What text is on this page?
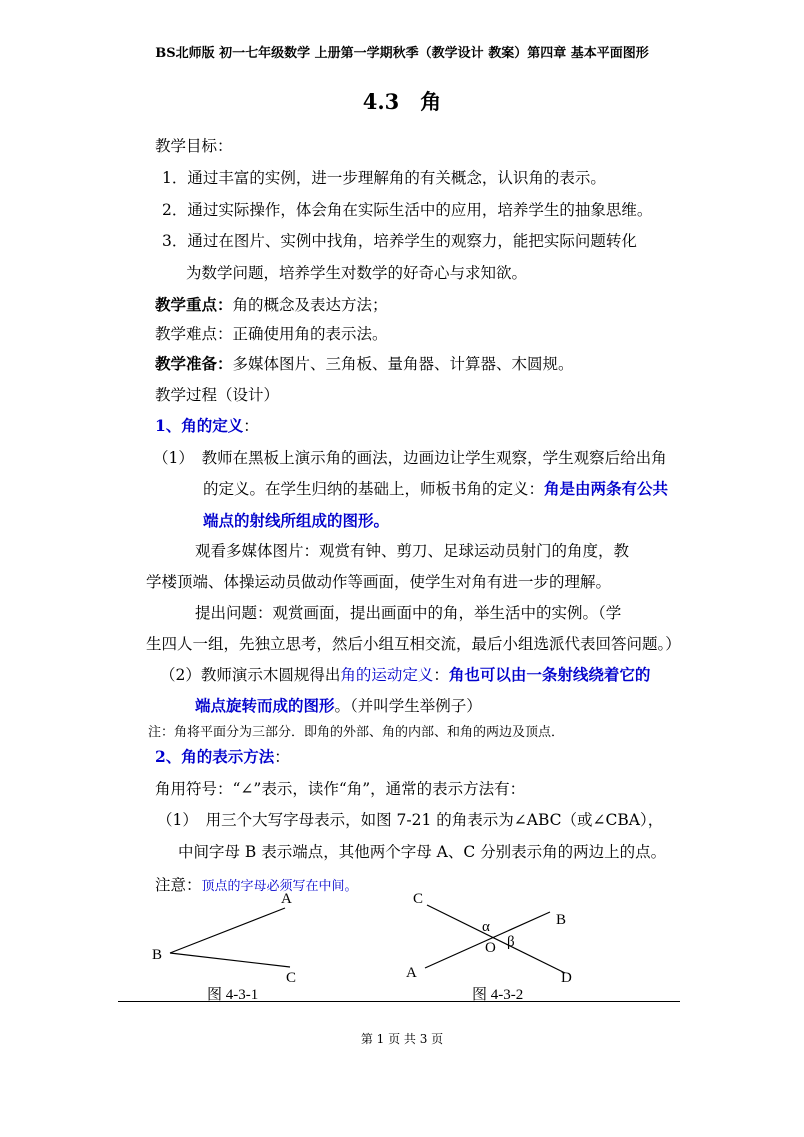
BS北师版 初一七年级数学 上册第一学期秋季（教学设计 教案）第四章 基本平面图形
4.3　角
教学目标：
1．通过丰富的实例，进一步理解角的有关概念，认识角的表示。
2．通过实际操作，体会角在实际生活中的应用，培养学生的抽象思维。
3．通过在图片、实例中找角，培养学生的观察力，能把实际问题转化
为数学问题，培养学生对数学的好奇心与求知欲。
教学重点：角的概念及表达方法；
教学难点：正确使用角的表示法。
教学准备：多媒体图片、三角板、量角器、计算器、木圆规。
教学过程（设计）
1、角的定义：
（1）　教师在黑板上演示角的画法，边画边让学生观察，学生观察后给出角
的定义。在学生归纳的基础上，师板书角的定义：角是由两条有公共
端点的射线所组成的图形。
观看多媒体图片：观赏有钟、剪刀、足球运动员射门的角度，教
学楼顶端、体操运动员做动作等画面，使学生对角有进一步的理解。
提出问题：观赏画面，提出画面中的角，举生活中的实例。（学
生四人一组，先独立思考，然后小组互相交流，最后小组选派代表回答问题。）
（2）教师演示木圆规得出角的运动定义：角也可以由一条射线绕着它的
端点旋转而成的图形。（并叫学生举例子）
注：角将平面分为三部分．即角的外部、角的内部、和角的两边及顶点．
2、角的表示方法：
角用符号：“∠”表示，读作“角”，通常的表示方法有：
（1）　用三个大写字母表示，如图 7-21 的角表示为∠ABC（或∠CBA），
中间字母 B 表示端点，其他两个字母 A、C 分别表示角的两边上的点。
注意：顶点的字母必须写在中间。
A
B
C
图 4-3-1
C
B
α
β
O
A	D
图 4-3-2
第 1 页 共 3 页
